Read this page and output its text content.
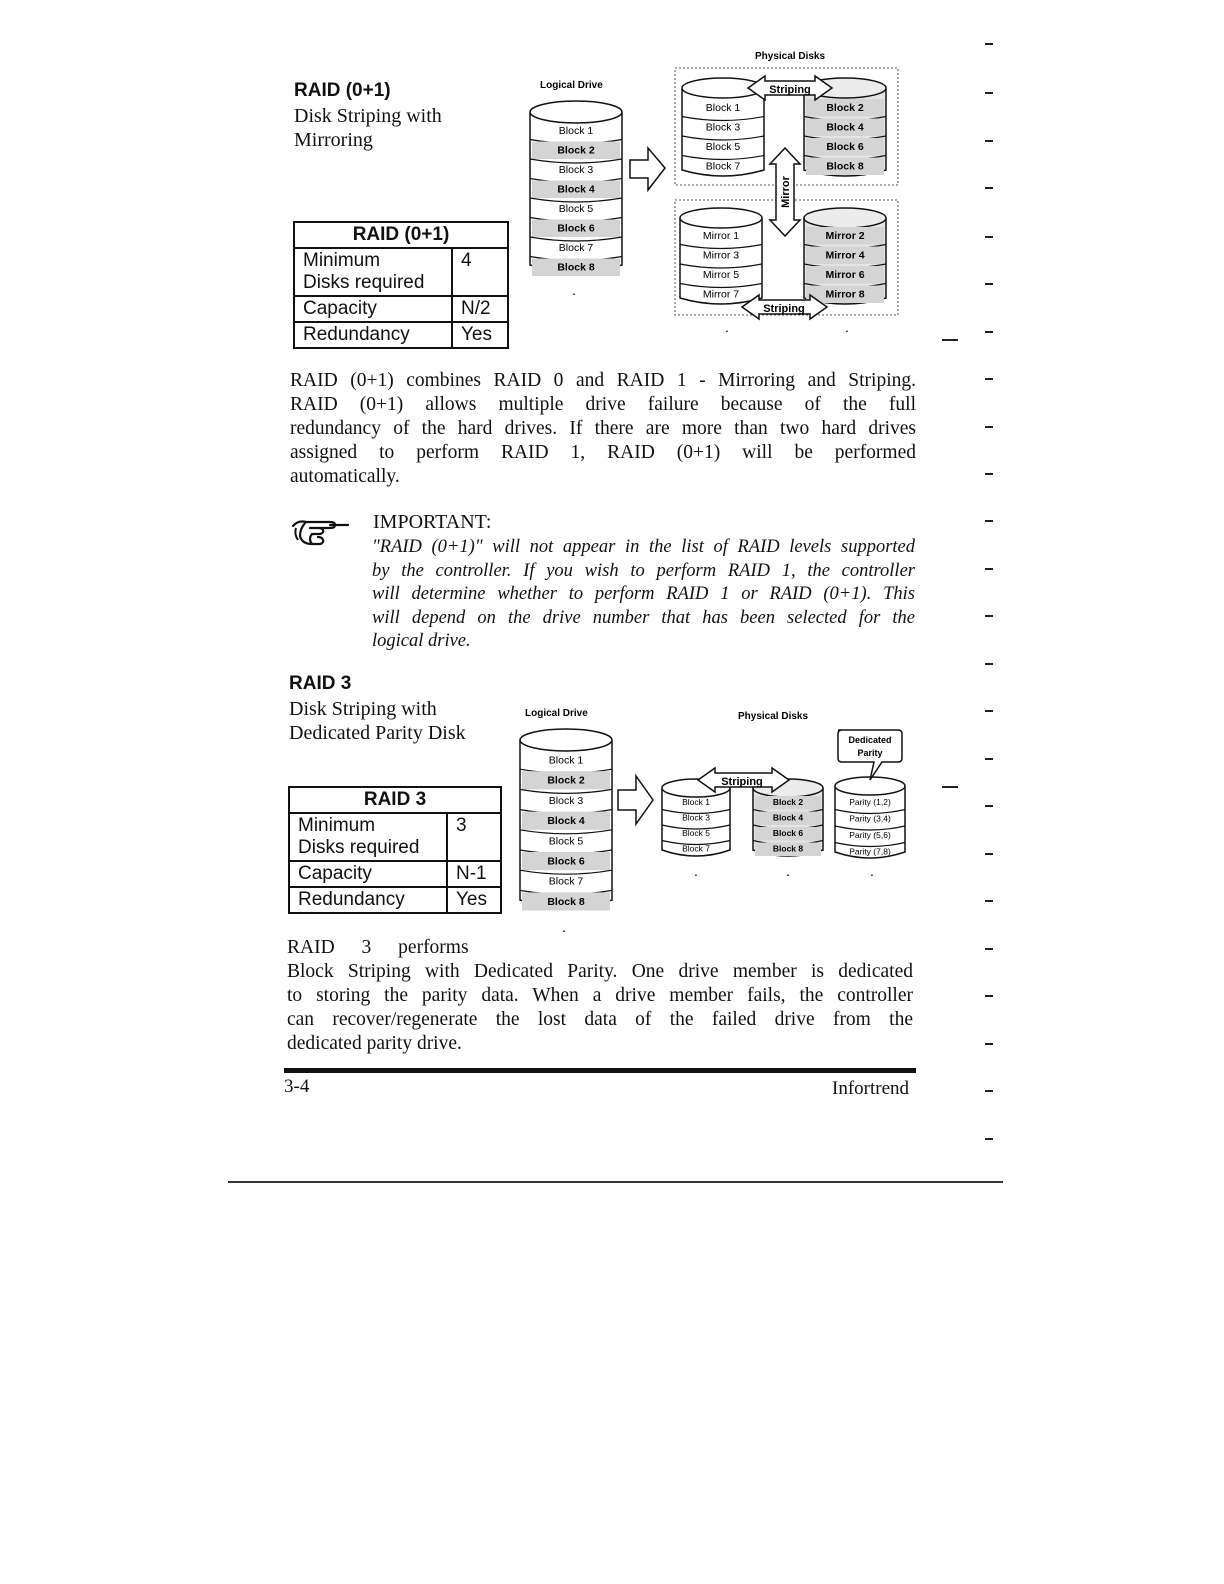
RAID (0+1)
Disk Striping with
Mirroring
RAID (0+1)	

Minimum
Disks required	4
Capacity	N/2
Redundancy	Yes
Physical Disks
Logical Drive
Block 1
Block 2
Block 3
Block 4
Block 5
Block 6
Block 7
Block 8
.
Block 1
Block 3
Block 5
Block 7
Block 2
Block 4
Block 6
Block 8
Mirror 1
Mirror 3
Mirror 5
Mirror 7
Mirror 2
Mirror 4
Mirror 6
Mirror 8
Striping
Striping
Mirror
.	.
RAID (0+1) combines RAID 0 and RAID 1 - Mirroring and Striping.
RAID (0+1) allows multiple drive failure because of the full
redundancy of the hard drives. If there are more than two hard drives
assigned to perform RAID 1, RAID (0+1) will be performed
automatically.
IMPORTANT:
"RAID (0+1)" will not appear in the list of RAID levels supported
by the controller. If you wish to perform RAID 1, the controller
will determine whether to perform RAID 1 or RAID (0+1). This
will depend on the drive number that has been selected for the
logical drive.
RAID 3
Disk Striping with
Dedicated Parity Disk
RAID 3	

Minimum
Disks required	3
Capacity	N-1
Redundancy	Yes
Logical Drive	Physical Disks
Block 1
Block 2
Block 3
Block 4
Block 5
Block 6
Block 7
Block 8
.
Block 1
Block 3
Block 5
Block 7
Block 2
Block 4
Block 6
Block 8
Parity (1,2)
Parity (3,4)
Parity (5,6)
Parity (7,8)
Striping
Dedicated
Parity
.	.	.
RAID 3 performs
Block Striping with Dedicated Parity. One drive member is dedicated
to storing the parity data. When a drive member fails, the controller
can recover/regenerate the lost data of the failed drive from the
dedicated parity drive.
3-4	Infortrend
